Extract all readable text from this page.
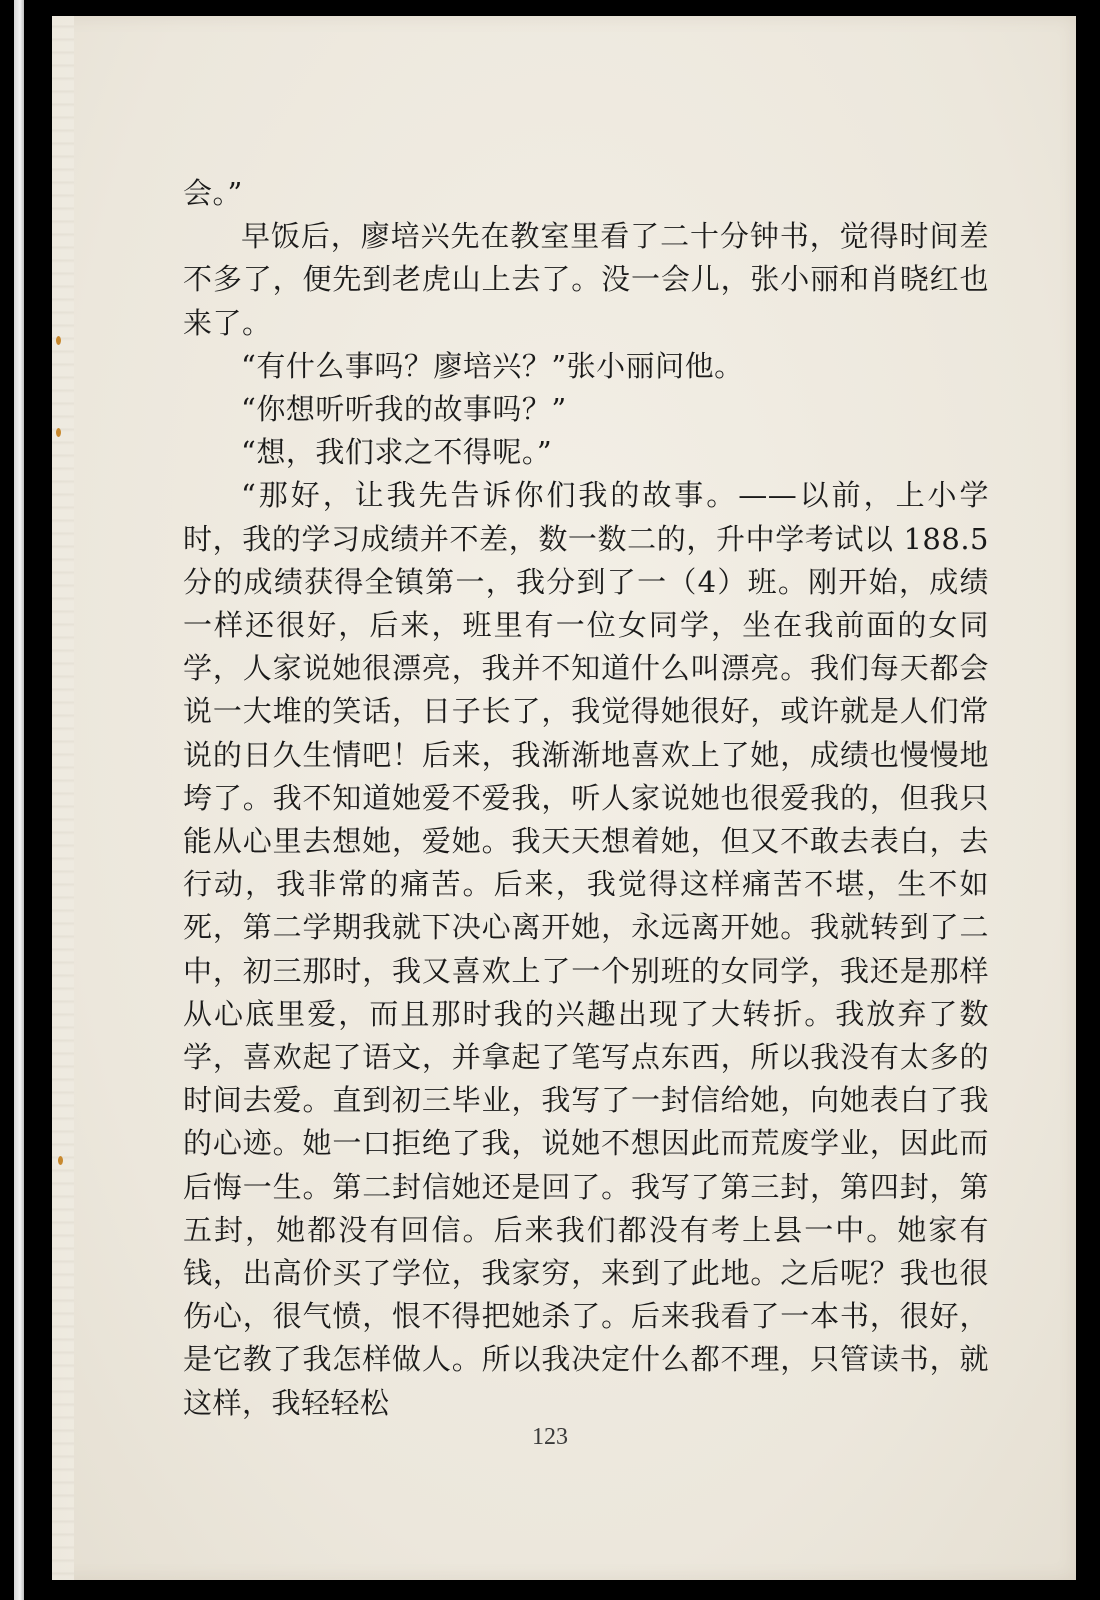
会。”

早饭后，廖培兴先在教室里看了二十分钟书，觉得时间差不多了，便先到老虎山上去了。没一会儿，张小丽和肖晓红也来了。

“有什么事吗？廖培兴？”张小丽问他。

“你想听听我的故事吗？”

“想，我们求之不得呢。”

“那好，让我先告诉你们我的故事。——以前，上小学时，我的学习成绩并不差，数一数二的，升中学考试以 188.5 分的成绩获得全镇第一，我分到了一（4）班。刚开始，成绩一样还很好，后来，班里有一位女同学，坐在我前面的女同学，人家说她很漂亮，我并不知道什么叫漂亮。我们每天都会说一大堆的笑话，日子长了，我觉得她很好，或许就是人们常说的日久生情吧！后来，我渐渐地喜欢上了她，成绩也慢慢地垮了。我不知道她爱不爱我，听人家说她也很爱我的，但我只能从心里去想她，爱她。我天天想着她，但又不敢去表白，去行动，我非常的痛苦。后来，我觉得这样痛苦不堪，生不如死，第二学期我就下决心离开她，永远离开她。我就转到了二中，初三那时，我又喜欢上了一个别班的女同学，我还是那样从心底里爱，而且那时我的兴趣出现了大转折。我放弃了数学，喜欢起了语文，并拿起了笔写点东西，所以我没有太多的时间去爱。直到初三毕业，我写了一封信给她，向她表白了我的心迹。她一口拒绝了我，说她不想因此而荒废学业，因此而后悔一生。第二封信她还是回了。我写了第三封，第四封，第五封，她都没有回信。后来我们都没有考上县一中。她家有钱，出高价买了学位，我家穷，来到了此地。之后呢？我也很伤心，很气愤，恨不得把她杀了。后来我看了一本书，很好，是它教了我怎样做人。所以我决定什么都不理，只管读书，就这样，我轻轻松

123
